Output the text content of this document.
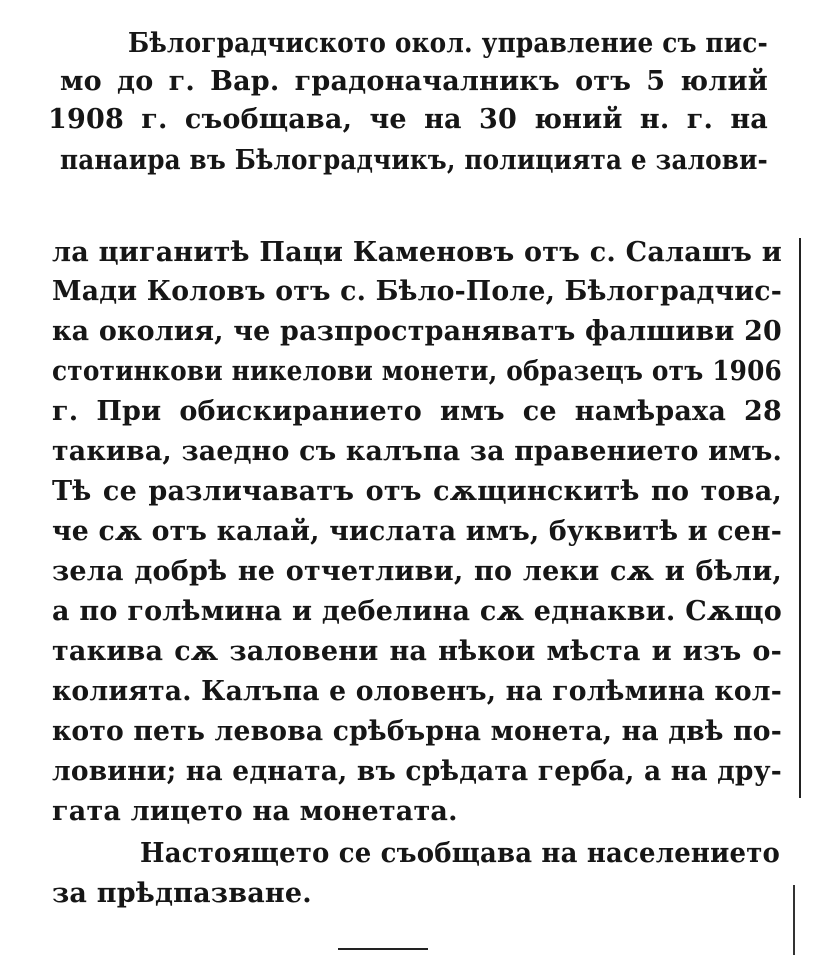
Бѣлоградчиското окол. управление съ пис-
мо до г. Вар. градоначалникъ отъ 5 юлий
1908 г. съобщава, че на 30 юний н. г. на
панаира въ Бѣлоградчикъ, полицията е залови-
ла циганитѣ Паци Каменовъ отъ с. Салашъ и
Мади Коловъ отъ с. Бѣло-Поле, Бѣлоградчис-
ка околия, че разпространяватъ фалшиви 20
стотинкови никелови монети, образецъ отъ 1906
г. При обискиранието имъ се намѣраха 28
такива, заедно съ калъпа за правението имъ.
Тѣ се различаватъ отъ сѫщинскитѣ по това,
че сѫ отъ калай, числата имъ, буквитѣ и сен-
зела добрѣ не отчетливи, по леки сѫ и бѣли,
а по голѣмина и дебелина сѫ еднакви. Сѫщо
такива сѫ заловени на нѣкои мѣста и изъ о-
колията. Калъпа е оловенъ, на голѣмина кол-
кото петь левова срѣбърна монета, на двѣ по-
ловини; на едната, въ срѣдата герба, а на дру-
гата лицето на монетата.
Настоящето се съобщава на населението
за прѣдпазване.
